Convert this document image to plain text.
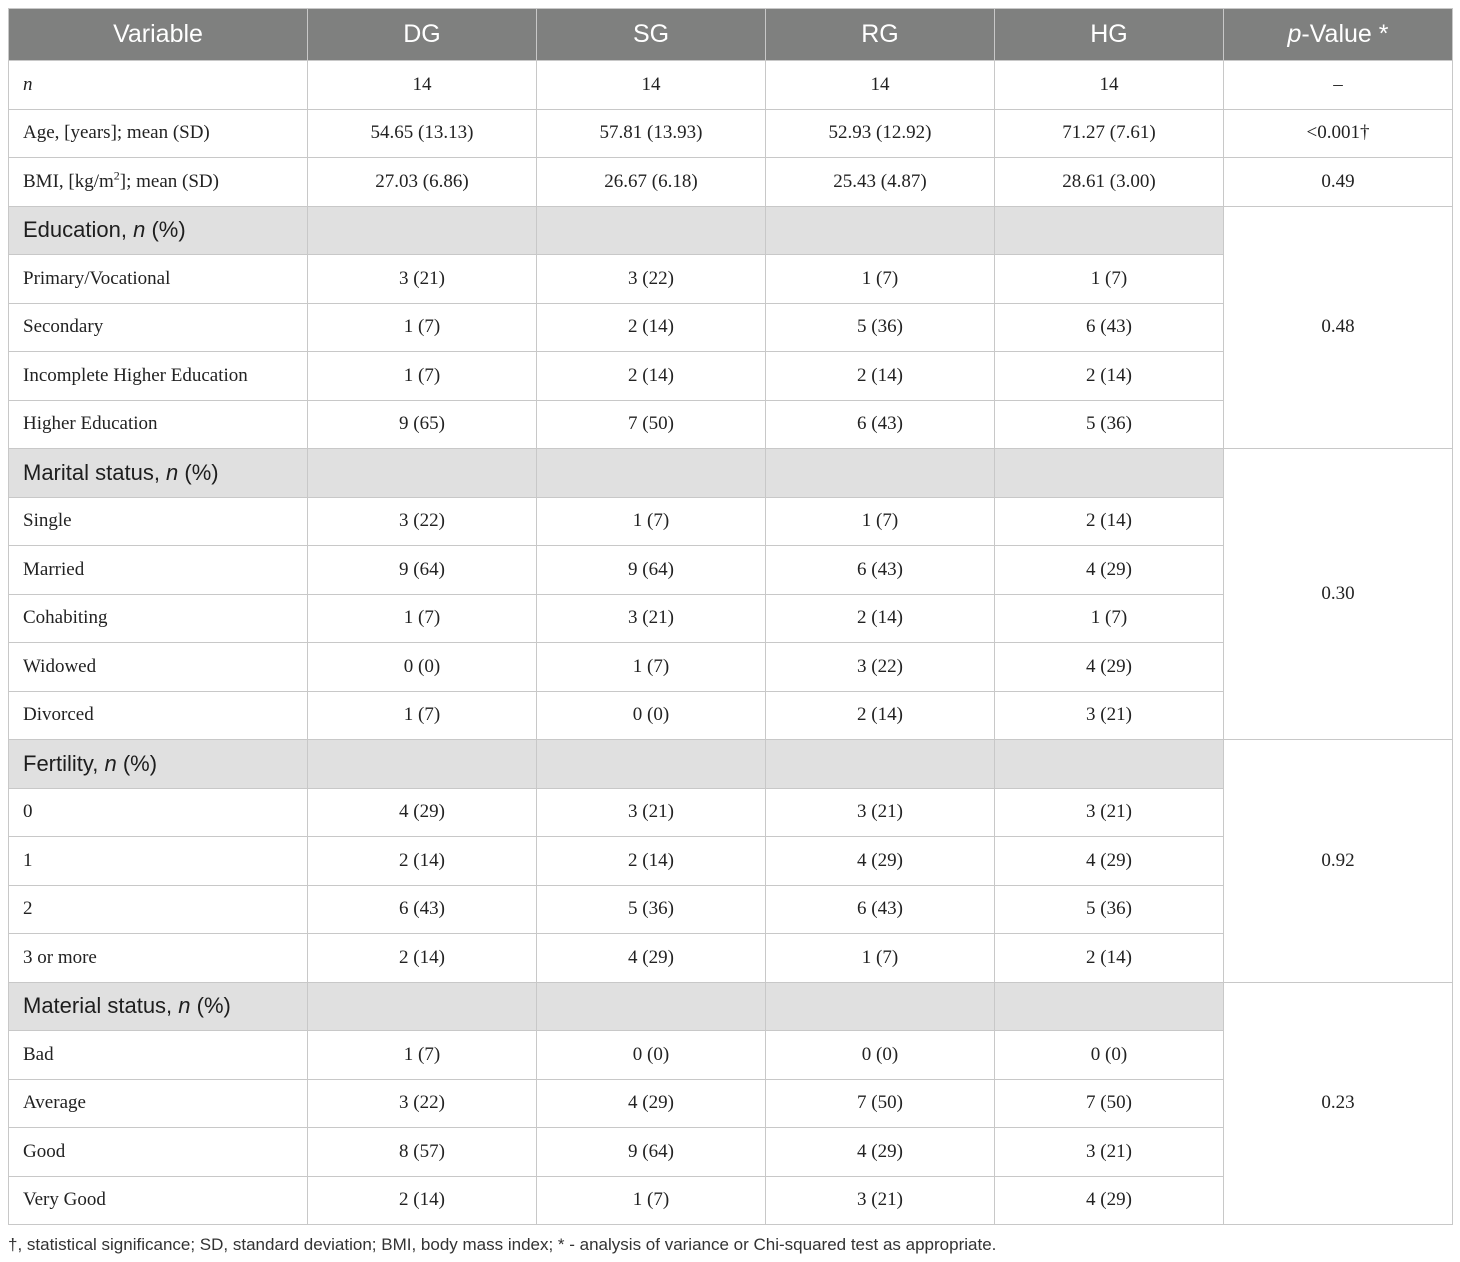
Variable	DG	SG	RG	HG	p-Value *
n	14	14	14	14	–
Age, [years]; mean (SD)	54.65 (13.13)	57.81 (13.93)	52.93 (12.92)	71.27 (7.61)	<0.001†
BMI, $[kg/m^2]$; mean (SD)	27.03 (6.86)	26.67 (6.18)	25.43 (4.87)	28.61 (3.00)	0.49
Education, n (%)					0.48
Primary/Vocational	3 (21)	3 (22)	1 (7)	1 (7)	
Secondary	1 (7)	2 (14)	5 (36)	6 (43)	
Incomplete Higher Education	1 (7)	2 (14)	2 (14)	2 (14)	
Higher Education	9 (65)	7 (50)	6 (43)	5 (36)	
Marital status, n (%)					0.30
Single	3 (22)	1 (7)	1 (7)	2 (14)	
Married	9 (64)	9 (64)	6 (43)	4 (29)	
Cohabiting	1 (7)	3 (21)	2 (14)	1 (7)	
Widowed	0 (0)	1 (7)	3 (22)	4 (29)	
Divorced	1 (7)	0 (0)	2 (14)	3 (21)	
Fertility, n (%)					0.92
0	4 (29)	3 (21)	3 (21)	3 (21)	
1	2 (14)	2 (14)	4 (29)	4 (29)	
2	6 (43)	5 (36)	6 (43)	5 (36)	
3 or more	2 (14)	4 (29)	1 (7)	2 (14)	
Material status, n (%)					0.23
Bad	1 (7)	0 (0)	0 (0)	0 (0)	
Average	3 (22)	4 (29)	7 (50)	7 (50)	
Good	8 (57)	9 (64)	4 (29)	3 (21)	
Very Good	2 (14)	1 (7)	3 (21)	4 (29)	
†, statistical significance; SD, standard deviation; BMI, body mass index; * - analysis of variance or Chi-squared test as appropriate.
